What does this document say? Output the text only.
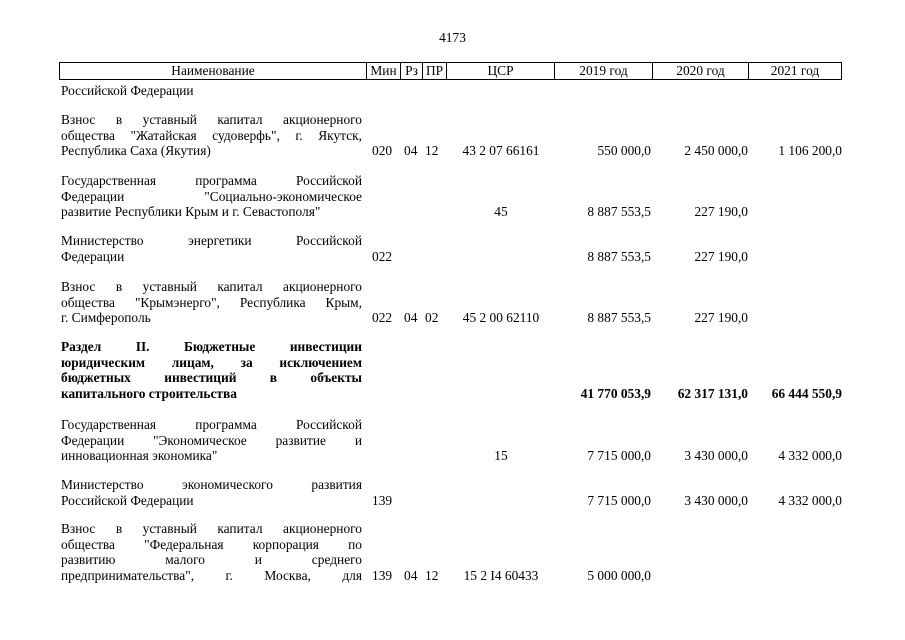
4173
Наименование	Мин Рз ПР	ЦСР	2019 год	2020 год	2021 год
Российской Федерации
Взнос в уставный капитал акционерного
общества "Жатайская судоверфь", г. Якутск,
Республика Саха (Якутия)	020 04 12	43 2 07 66161	550 000,0	2 450 000,0	1 106 200,0
Государственная программа Российской
Федерации "Социально-экономическое
развитие Республики Крым и г. Севастополя"	45	8 887 553,5	227 190,0
Министерство энергетики Российской
Федерации	022	8 887 553,5	227 190,0
Взнос в уставный капитал акционерного
общества "Крымэнерго", Республика Крым,
г. Симферополь	022 04 02	45 2 00 62110	8 887 553,5	227 190,0
Раздел II. Бюджетные инвестиции
юридическим лицам, за исключением
бюджетных инвестиций в объекты
капитального строительства	41 770 053,9	62 317 131,0	66 444 550,9
Государственная программа Российской
Федерации "Экономическое развитие и
инновационная экономика"	15	7 715 000,0	3 430 000,0	4 332 000,0
Министерство экономического развития
Российской Федерации	139	7 715 000,0	3 430 000,0	4 332 000,0
Взнос в уставный капитал акционерного
общества "Федеральная корпорация по
развитию малого и среднего
предпринимательства", г. Москва, для 139 04 12	15 2 I4 60433	5 000 000,0
